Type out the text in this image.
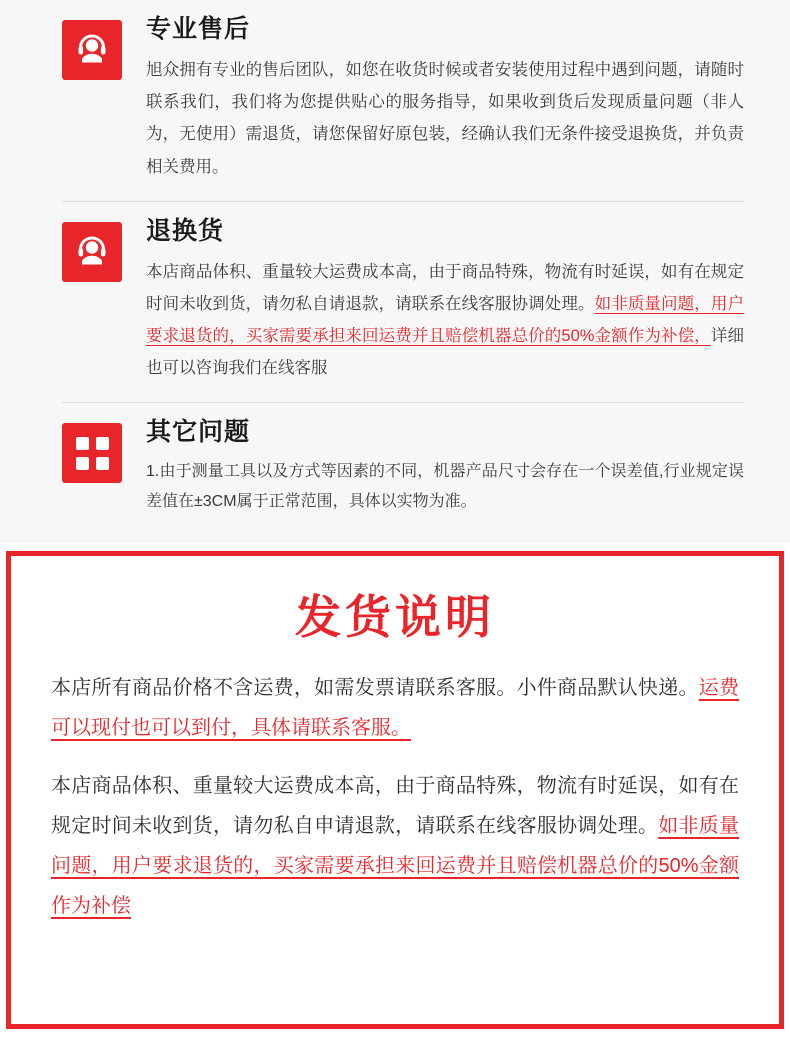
专业售后

旭众拥有专业的售后团队，如您在收货时候或者安装使用过程中遇到问题，请随时联系我们，我们将为您提供贴心的服务指导，如果收到货后发现质量问题（非人为，无使用）需退货，请您保留好原包装，经确认我们无条件接受退换货，并负责相关费用。

退换货

本店商品体积、重量较大运费成本高，由于商品特殊，物流有时延误，如有在规定时间未收到货，请勿私自请退款，请联系在线客服协调处理。如非质量问题，用户要求退货的，买家需要承担来回运费并且赔偿机器总价的50%金额作为补偿，详细也可以咨询我们在线客服

其它问题

1.由于测量工具以及方式等因素的不同，机器产品尺寸会存在一个误差值,行业规定误差值在±3CM属于正常范围，具体以实物为准。

发货说明

本店所有商品价格不含运费，如需发票请联系客服。小件商品默认快递。运费可以现付也可以到付，具体请联系客服。

本店商品体积、重量较大运费成本高，由于商品特殊，物流有时延误，如有在规定时间未收到货，请勿私自申请退款，请联系在线客服协调处理。如非质量问题，用户要求退货的，买家需要承担来回运费并且赔偿机器总价的50%金额作为补偿
